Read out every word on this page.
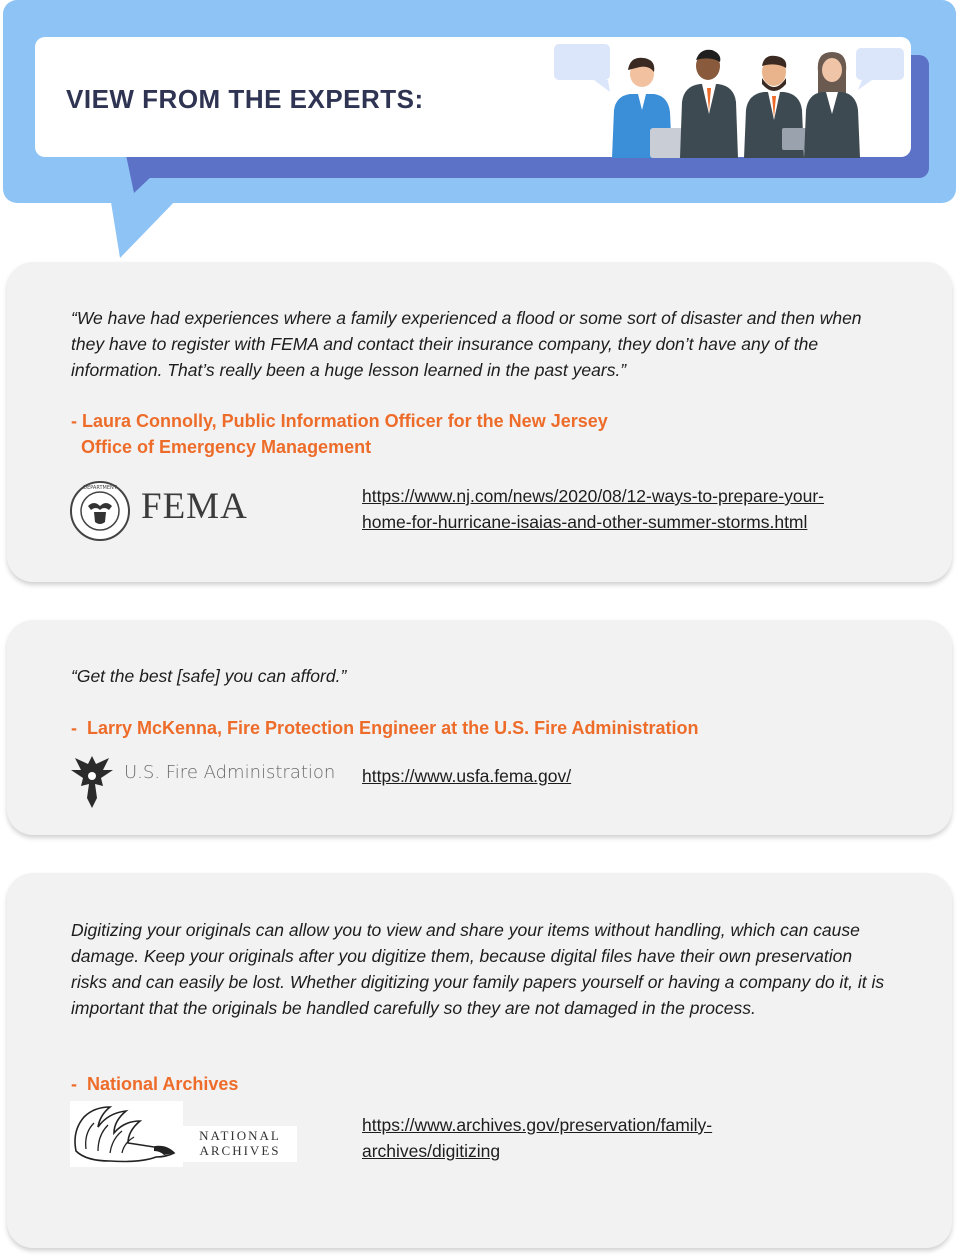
VIEW FROM THE EXPERTS:

“We have had experiences where a family experienced a flood or some sort of disaster and then when they have to register with FEMA and contact their insurance company, they don’t have any of the information. That’s really been a huge lesson learned in the past years.”

- Laura Connolly, Public Information Officer for the New Jersey

Office of Emergency Management

DEPARTMENT FEMA	https://www.nj.com/news/2020/08/12-ways-to-prepare-your-
home-for-hurricane-isaias-and-other-summer-storms.html

“Get the best [safe] you can afford.”

-  Larry McKenna, Fire Protection Engineer at the U.S. Fire Administration

U.S. Fire Administration https://www.usfa.fema.gov/

Digitizing your originals can allow you to view and share your items without handling, which can cause damage. Keep your originals after you digitize them, because digital files have their own preservation risks and can easily be lost. Whether digitizing your family papers yourself or having a company do it, it is important that the originals be handled carefully so they are not damaged in the process.

-  National Archives

NATIONAL
ARCHIVES
https://www.archives.gov/preservation/family-
archives/digitizing
